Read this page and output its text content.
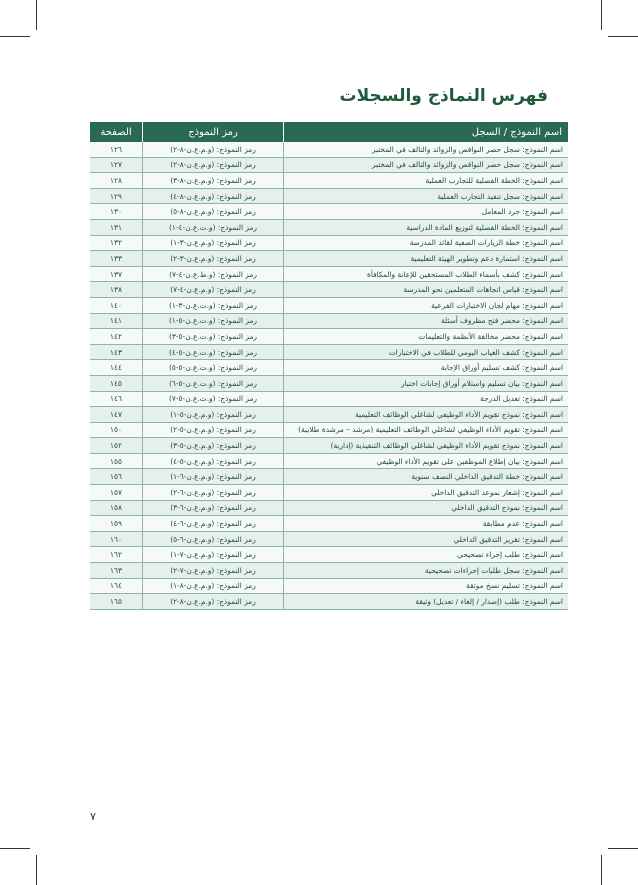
فهرس النماذج والسجلات
اسم النموذج / السجل	رمز النموذج	الصفحة
اسم النموذج: سجل حصر النواقص والزوائد والتالف في المختبر	رمز النموذج: (و.م.ع.ن-٨-٢)	١٢٦
اسم النموذج: سجل حصر النواقص والزوائد والتالف في المختبر	رمز النموذج: (و.م.ع.ن-٨-٢)	١٢٧
اسم النموذج: الخطة الفصلية للتجارب العملية	رمز النموذج: (و.م.ع.ن-٨-٣)	١٢٨
اسم النموذج: سجل تنفيذ التجارب العملية	رمز النموذج: (و.م.ع.ن-٨-٤)	١٢٩
اسم النموذج: جرد المعامل	رمز النموذج: (و.م.ع.ن-٨-٥)	١٣٠
اسم النموذج: الخطة الفصلية لتوزيع المادة الدراسية	رمز النموذج: (و.ت.ع.ن-٤-١)	١٣١
اسم النموذج: خطة الزيارات الصفية لقائد المدرسة	رمز النموذج: (و.م.ع.ن-٣-١)	١٣٢
اسم النموذج: استمارة دعم وتطوير الهيئة التعليمية	رمز النموذج: (و.م.ع.ن-٣-٢)	١٣٣
اسم النموذج: كشف بأسماء الطلاب المستحقين للإعانة والمكافأة	رمز النموذج: (و.ط.ع.ن-٤-٧)	١٣٧
اسم النموذج: قياس اتجاهات المتعلمين نحو المدرسة	رمز النموذج: (و.م.ع.ن-٤-٧)	١٣٨
اسم النموذج: مهام لجان الاختبارات الفرعية	رمز النموذج: (و.ت.ع.ن-٣-١)	١٤٠
اسم النموذج: محضر فتح مظروف أسئلة	رمز النموذج: (و.ت.ع.ن-٥-١)	١٤١
اسم النموذج: محضر مخالفة الأنظمة والتعليمات	رمز النموذج: (و.ت.ع.ن-٥-٣)	١٤٢
اسم النموذج: كشف الغياب اليومي للطلاب في الاختبارات	رمز النموذج: (و.ت.ع.ن-٥-٤)	١٤٣
اسم النموذج: كشف تسليم أوراق الإجابة	رمز النموذج: (و.ت.ع.ن-٥-٥)	١٤٤
اسم النموذج: بيان تسليم واستلام أوراق إجابات اختبار	رمز النموذج: (و.ت.ع.ن-٥-٦)	١٤٥
اسم النموذج: تعديل الدرجة	رمز النموذج: (و.ت.ع.ن-٥-٧)	١٤٦
اسم النموذج: نموذج تقويم الأداء الوظيفي لشاغلي الوظائف التعليمية	رمز النموذج: (و.م.ع.ن-٥-١)	١٤٧
اسم النموذج: تقويم الأداء الوظيفي لشاغلي الوظائف التعليمية (مرشد – مرشدة طلابية)	رمز النموذج: (و.م.ع.ن-٥-٢)	١٥٠
اسم النموذج: نموذج تقويم الأداء الوظيفي لشاغلي الوظائف التنفيذية (إدارية)	رمز النموذج: (و.م.ع.ن-٥-٣)	١٥٢
اسم النموذج: بيان إطلاع الموظفين على تقويم الأداء الوظيفي	رمز النموذج: (و.م.ع.ن-٥-٤)	١٥٥
اسم النموذج: خطة التدقيق الداخلي النصف سنوية	رمز النموذج: (و.م.ع.ن-٦-١)	١٥٦
اسم النموذج: إشعار بموعد التدقيق الداخلي	رمز النموذج: (و.م.ع.ن-٦-٢)	١٥٧
اسم النموذج: نموذج التدقيق الداخلي	رمز النموذج: (و.م.ع.ن-٦-٣)	١٥٨
اسم النموذج: عدم مطابقة	رمز النموذج: (و.م.ع.ن-٦-٤)	١٥٩
اسم النموذج: تقرير التدقيق الداخلي	رمز النموذج: (و.م.ع.ن-٦-٥)	١٦٠
اسم النموذج: طلب إجراء تصحيحي	رمز النموذج: (و.م.ع.ن-٧-١)	١٦٢
اسم النموذج: سجل طلبات إجراءات تصحيحية	رمز النموذج: (و.م.ع.ن-٧-٢)	١٦٣
اسم النموذج: تسليم نسخ موثقة	رمز النموذج: (و.م.ع.ن-٨-١)	١٦٤
اسم النموذج: طلب (إصدار / إلغاء / تعديل) وثيقة	رمز النموذج: (و.م.ع.ن-٨-٢)	١٦٥
٧
